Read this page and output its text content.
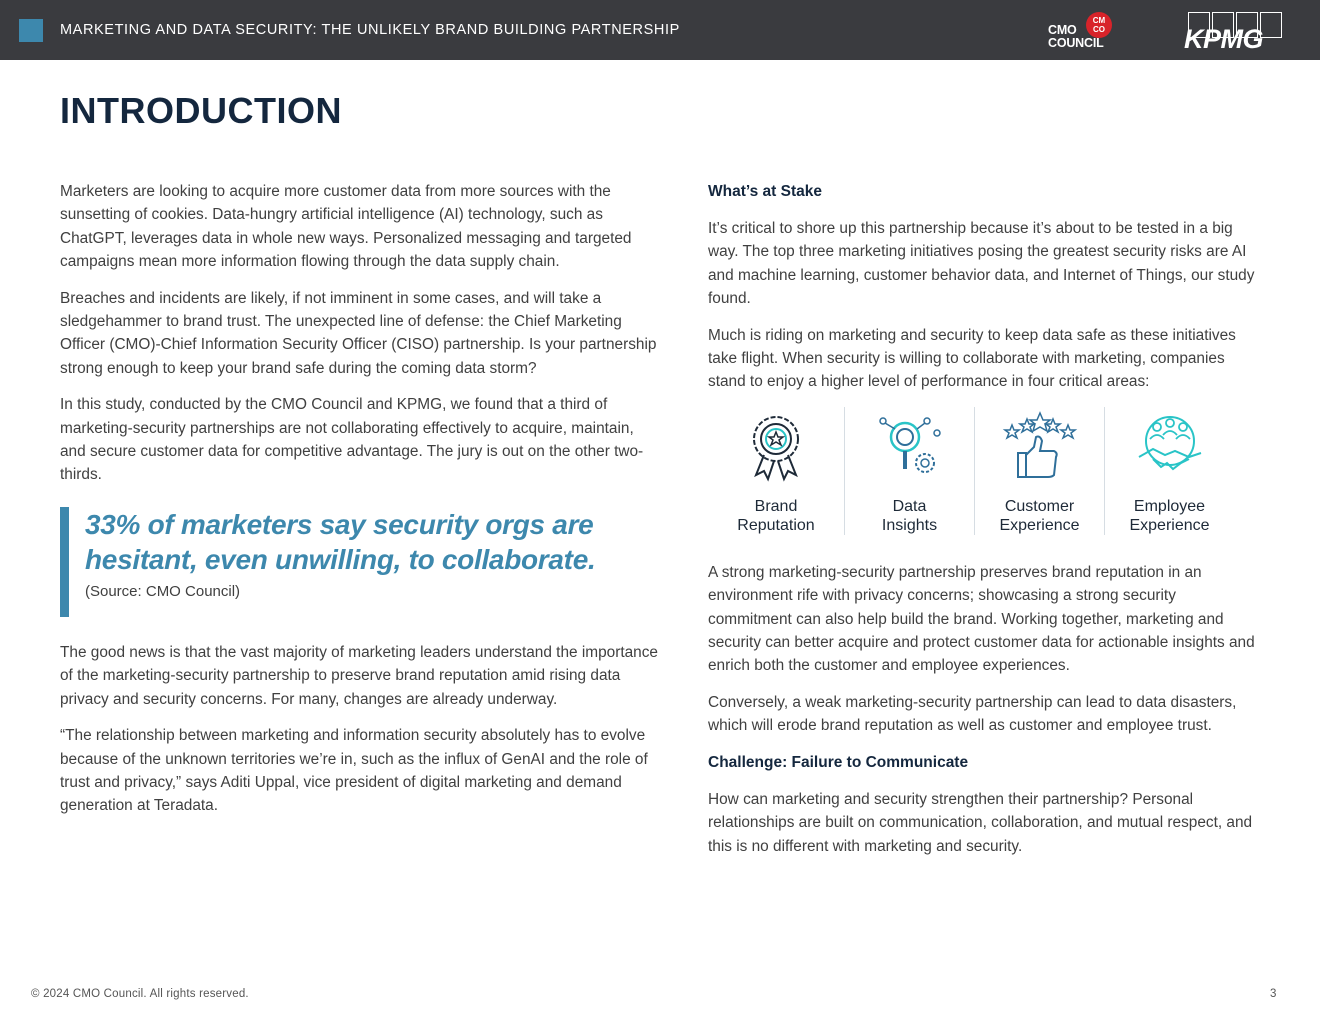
MARKETING AND DATA SECURITY: THE UNLIKELY BRAND BUILDING PARTNERSHIP
CM
CO
CMO
COUNCIL	KPMG
INTRODUCTION

Marketers are looking to acquire more customer data from more sources with the sunsetting of cookies. Data-hungry artificial intelligence (AI) technology, such as ChatGPT, leverages data in whole new ways. Personalized messaging and targeted campaigns mean more information flowing through the data supply chain.

Breaches and incidents are likely, if not imminent in some cases, and will take a sledgehammer to brand trust. The unexpected line of defense: the Chief Marketing Officer (CMO)-Chief Information Security Officer (CISO) partnership. Is your partnership strong enough to keep your brand safe during the coming data storm?

In this study, conducted by the CMO Council and KPMG, we found that a third of marketing-security partnerships are not collaborating effectively to acquire, maintain, and secure customer data for competitive advantage. The jury is out on the other two-thirds.

33% of marketers say security orgs are hesitant, even unwilling, to collaborate.
(Source: CMO Council)

The good news is that the vast majority of marketing leaders understand the importance of the marketing-security partnership to preserve brand reputation amid rising data privacy and security concerns. For many, changes are already underway.

“The relationship between marketing and information security absolutely has to evolve because of the unknown territories we’re in, such as the influx of GenAI and the role of trust and privacy,” says Aditi Uppal, vice president of digital marketing and demand generation at Teradata.

What’s at Stake

It’s critical to shore up this partnership because it’s about to be tested in a big way. The top three marketing initiatives posing the greatest security risks are AI and machine learning, customer behavior data, and Internet of Things, our study found.

Much is riding on marketing and security to keep data safe as these initiatives take flight. When security is willing to collaborate with marketing, companies stand to enjoy a higher level of performance in four critical areas:

Brand
Reputation
Data
Insights
Customer
Experience
Employee
Experience

A strong marketing-security partnership preserves brand reputation in an environment rife with privacy concerns; showcasing a strong security commitment can also help build the brand. Working together, marketing and security can better acquire and protect customer data for actionable insights and enrich both the customer and employee experiences.

Conversely, a weak marketing-security partnership can lead to data disasters, which will erode brand reputation as well as customer and employee trust.

Challenge: Failure to Communicate

How can marketing and security strengthen their partnership? Personal relationships are built on communication, collaboration, and mutual respect, and this is no different with marketing and security.

© 2024 CMO Council. All rights reserved.	3
